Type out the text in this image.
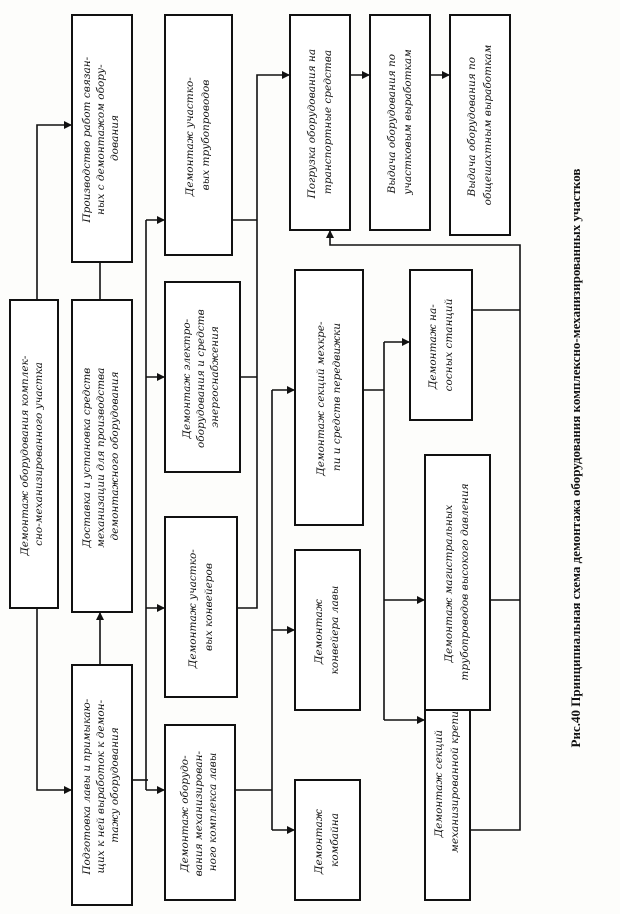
Демонтаж оборудования комплек- сно-механизированного участка
Подготовка лавы и примыкаю- щих к ней выработок к демон- тажу оборудования
Доставка и установка средств механизации для производства демонтажного оборудования
Производство работ связан- ных с демонтажом обору- дования
Демонтаж оборудо- вания механизирован- ного комплекса лавы
Демонтаж участко- вых конвейеров
Демонтаж электро- оборудования и средств энергоснабжения
Демонтаж участко- вых трубопроводов
Демонтаж комбайна
Демонтаж конвейера лавы
Демонтаж секций мехкре- пи и средств передвижки
Погрузка оборудования на транспортные средства
Демонтаж секций механизированной крепи
Демонтаж магистральных трубопроводов высокого давления
Демонтаж на- сосных станций
Выдача оборудования по участковым выработкам	Выдача оборудования по общешахтным выработкам
Рис.40 Принципиальная схема демонтажа оборудования комплексно-механизированных участков
